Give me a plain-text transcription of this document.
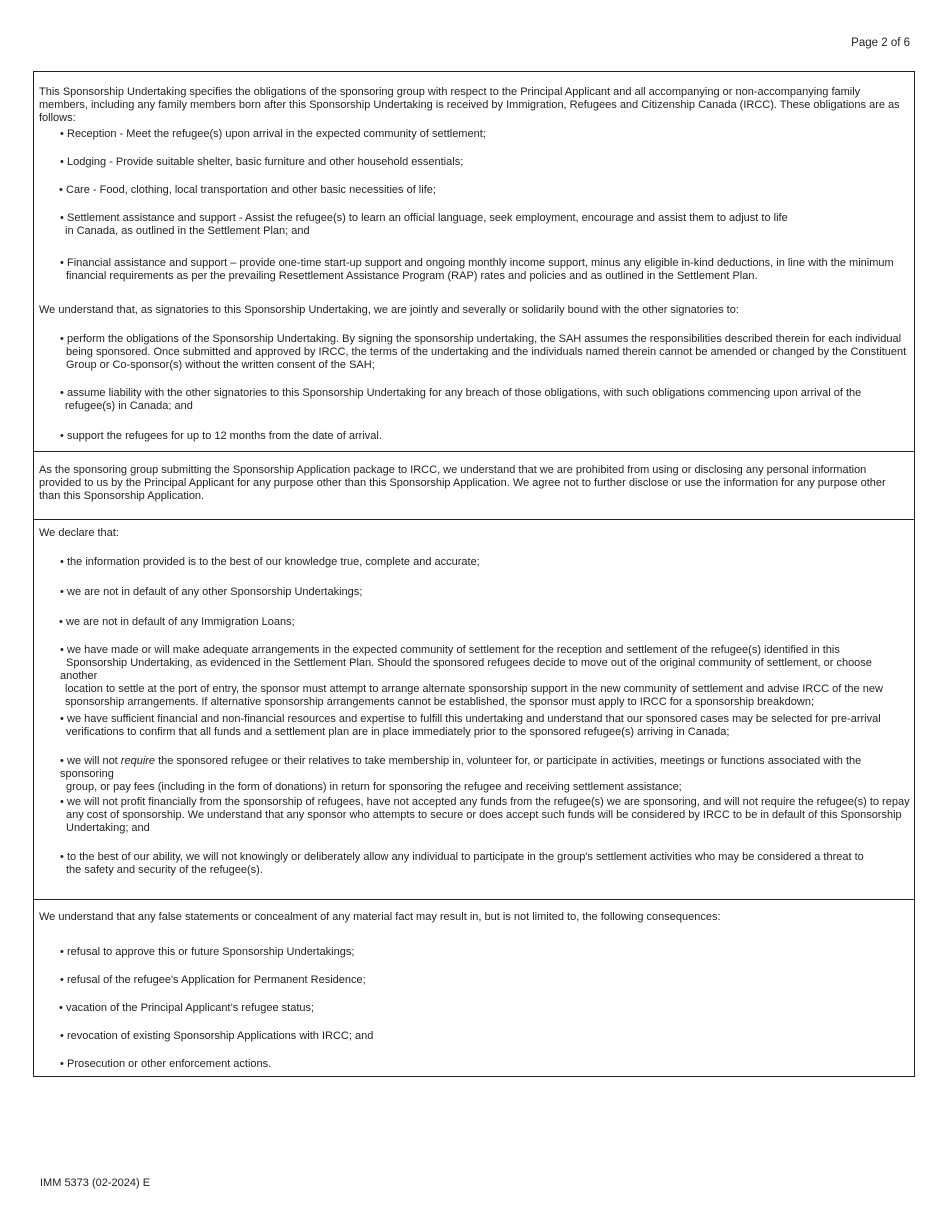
Page 2 of 6

This Sponsorship Undertaking specifies the obligations of the sponsoring group with respect to the Principal Applicant and all accompanying or non-accompanying family members, including any family members born after this Sponsorship Undertaking is received by Immigration, Refugees and Citizenship Canada (IRCC). These obligations are as follows:

• Reception - Meet the refugee(s) upon arrival in the expected community of settlement;

• Lodging - Provide suitable shelter, basic furniture and other household essentials;

• Care - Food, clothing, local transportation and other basic necessities of life;

• Settlement assistance and support - Assist the refugee(s) to learn an official language, seek employment, encourage and assist them to adjust to life
in Canada, as outlined in the Settlement Plan; and

• Financial assistance and support – provide one-time start-up support and ongoing monthly income support, minus any eligible in-kind deductions, in line with the minimum
financial requirements as per the prevailing Resettlement Assistance Program (RAP) rates and policies and as outlined in the Settlement Plan.

We understand that, as signatories to this Sponsorship Undertaking, we are jointly and severally or solidarily bound with the other signatories to:

• perform the obligations of the Sponsorship Undertaking. By signing the sponsorship undertaking, the SAH assumes the responsibilities described therein for each individual
being sponsored. Once submitted and approved by IRCC, the terms of the undertaking and the individuals named therein cannot be amended or changed by the Constituent
Group or Co-sponsor(s) without the written consent of the SAH;

• assume liability with the other signatories to this Sponsorship Undertaking for any breach of those obligations, with such obligations commencing upon arrival of the
refugee(s) in Canada; and

• support the refugees for up to 12 months from the date of arrival.

As the sponsoring group submitting the Sponsorship Application package to IRCC, we understand that we are prohibited from using or disclosing any personal information provided to us by the Principal Applicant for any purpose other than this Sponsorship Application. We agree not to further disclose or use the information for any purpose other than this Sponsorship Application.

We declare that:

• the information provided is to the best of our knowledge true, complete and accurate;

• we are not in default of any other Sponsorship Undertakings;

• we are not in default of any Immigration Loans;

• we have made or will make adequate arrangements in the expected community of settlement for the reception and settlement of the refugee(s) identified in this
Sponsorship Undertaking, as evidenced in the Settlement Plan. Should the sponsored refugees decide to move out of the original community of settlement, or choose another
location to settle at the port of entry, the sponsor must attempt to arrange alternate sponsorship support in the new community of settlement and advise IRCC of the new
sponsorship arrangements. If alternative sponsorship arrangements cannot be established, the sponsor must apply to IRCC for a sponsorship breakdown;

• we have sufficient financial and non-financial resources and expertise to fulfill this undertaking and understand that our sponsored cases may be selected for pre-arrival
verifications to confirm that all funds and a settlement plan are in place immediately prior to the sponsored refugee(s) arriving in Canada;

• we will not require the sponsored refugee or their relatives to take membership in, volunteer for, or participate in activities, meetings or functions associated with the sponsoring
group, or pay fees (including in the form of donations) in return for sponsoring the refugee and receiving settlement assistance;

• we will not profit financially from the sponsorship of refugees, have not accepted any funds from the refugee(s) we are sponsoring, and will not require the refugee(s) to repay
any cost of sponsorship. We understand that any sponsor who attempts to secure or does accept such funds will be considered by IRCC to be in default of this Sponsorship
Undertaking; and

• to the best of our ability, we will not knowingly or deliberately allow any individual to participate in the group's settlement activities who may be considered a threat to
the safety and security of the refugee(s).

We understand that any false statements or concealment of any material fact may result in, but is not limited to, the following consequences:

• refusal to approve this or future Sponsorship Undertakings;

• refusal of the refugee's Application for Permanent Residence;

• vacation of the Principal Applicant’s refugee status;

• revocation of existing Sponsorship Applications with IRCC; and

• Prosecution or other enforcement actions.

IMM 5373 (02-2024) E
